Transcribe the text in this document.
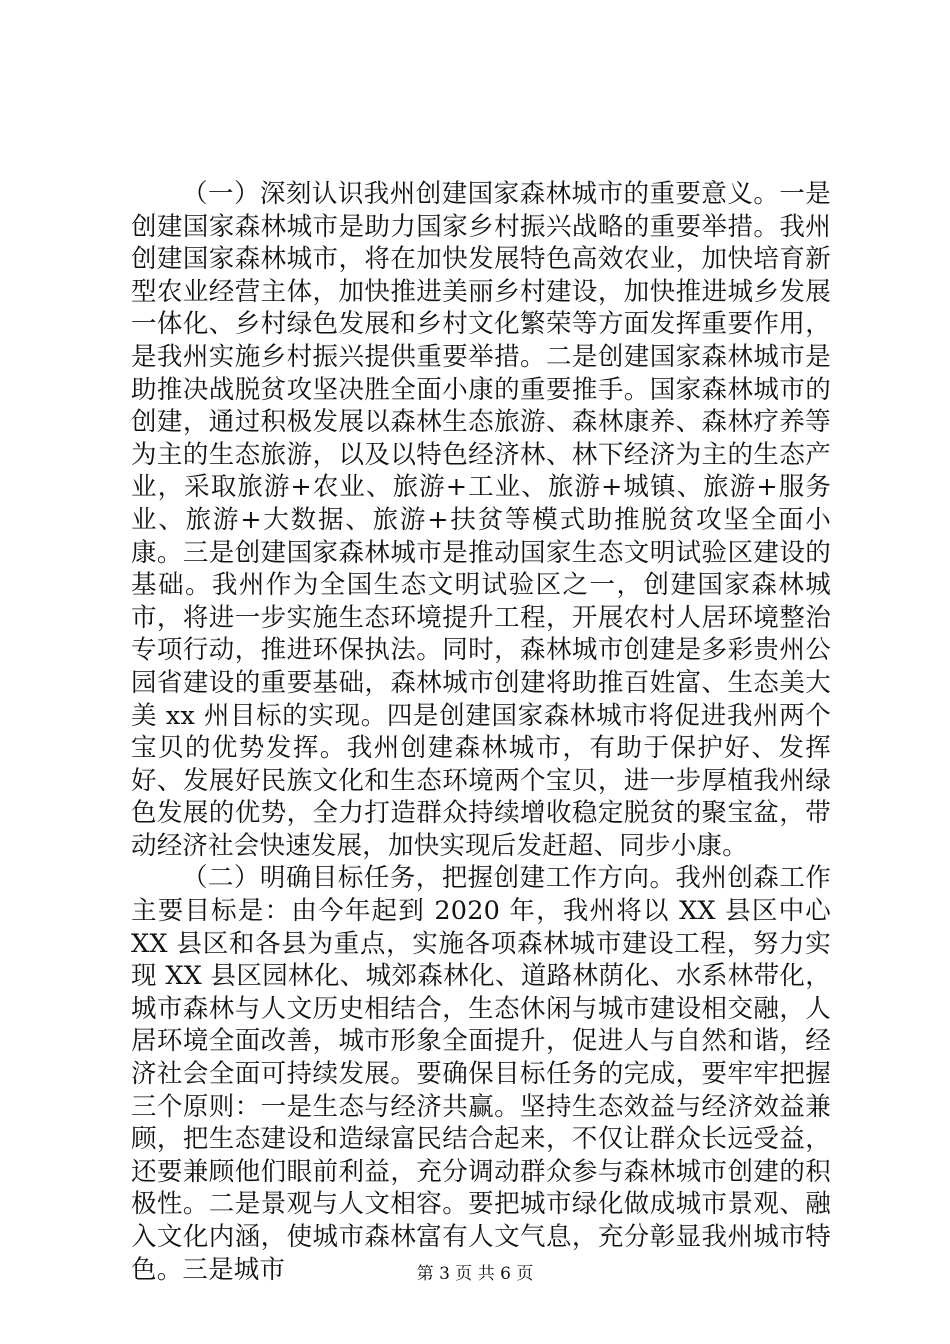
（一）深刻认识我州创建国家森林城市的重要意义。一是创建国家森林城市是助力国家乡村振兴战略的重要举措。我州创建国家森林城市，将在加快发展特色高效农业，加快培育新型农业经营主体，加快推进美丽乡村建设，加快推进城乡发展一体化、乡村绿色发展和乡村文化繁荣等方面发挥重要作用，是我州实施乡村振兴提供重要举措。二是创建国家森林城市是助推决战脱贫攻坚决胜全面小康的重要推手。国家森林城市的创建，通过积极发展以森林生态旅游、森林康养、森林疗养等为主的生态旅游，以及以特色经济林、林下经济为主的生态产业，采取旅游+农业、旅游+工业、旅游+城镇、旅游+服务业、旅游+大数据、旅游+扶贫等模式助推脱贫攻坚全面小康。三是创建国家森林城市是推动国家生态文明试验区建设的基础。我州作为全国生态文明试验区之一，创建国家森林城市，将进一步实施生态环境提升工程，开展农村人居环境整治专项行动，推进环保执法。同时，森林城市创建是多彩贵州公园省建设的重要基础，森林城市创建将助推百姓富、生态美大美 xx 州目标的实现。四是创建国家森林城市将促进我州两个宝贝的优势发挥。我州创建森林城市，有助于保护好、发挥好、发展好民族文化和生态环境两个宝贝，进一步厚植我州绿色发展的优势，全力打造群众持续增收稳定脱贫的聚宝盆，带动经济社会快速发展，加快实现后发赶超、同步小康。

（二）明确目标任务，把握创建工作方向。我州创森工作主要目标是：由今年起到 2020 年，我州将以 XX 县区中心 XX 县区和各县为重点，实施各项森林城市建设工程，努力实现 XX 县区园林化、城郊森林化、道路林荫化、水系林带化，城市森林与人文历史相结合，生态休闲与城市建设相交融，人居环境全面改善，城市形象全面提升，促进人与自然和谐，经济社会全面可持续发展。要确保目标任务的完成，要牢牢把握三个原则：一是生态与经济共赢。坚持生态效益与经济效益兼顾，把生态建设和造绿富民结合起来，不仅让群众长远受益，还要兼顾他们眼前利益，充分调动群众参与森林城市创建的积极性。二是景观与人文相容。要把城市绿化做成城市景观、融入文化内涵，使城市森林富有人文气息，充分彰显我州城市特色。三是城市	第 3 页 共 6 页
